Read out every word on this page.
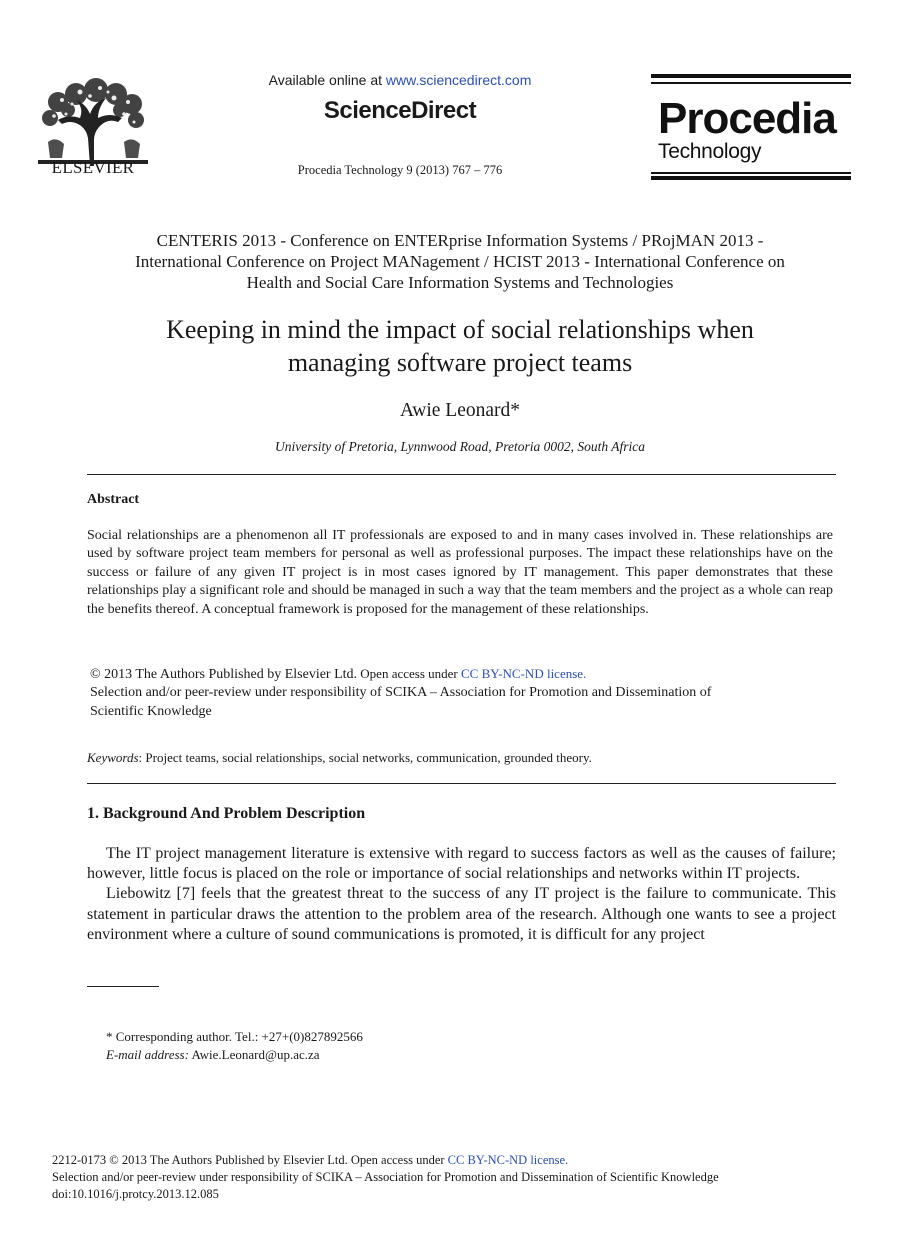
ELSEVIER
Available online at www.sciencedirect.com
ScienceDirect
Procedia Technology 9 (2013) 767 – 776
Procedia
Technology
CENTERIS 2013 - Conference on ENTERprise Information Systems / PRojMAN 2013 -
International Conference on Project MANagement / HCIST 2013 - International Conference on
Health and Social Care Information Systems and Technologies
Keeping in mind the impact of social relationships when
managing software project teams
Awie Leonard*
University of Pretoria, Lynnwood Road, Pretoria 0002, South Africa
Abstract
Social relationships are a phenomenon all IT professionals are exposed to and in many cases involved in. These relationships are used by software project team members for personal as well as professional purposes. The impact these relationships have on the success or failure of any given IT project is in most cases ignored by IT management. This paper demonstrates that these relationships play a significant role and should be managed in such a way that the team members and the project as a whole can reap the benefits thereof. A conceptual framework is proposed for the management of these relationships.
© 2013 The Authors Published by Elsevier Ltd. Open access under CC BY-NC-ND license.
Selection and/or peer-review under responsibility of SCIKA – Association for Promotion and Dissemination of
Scientific Knowledge
Keywords: Project teams, social relationships, social networks, communication, grounded theory.
1. Background And Problem Description

The IT project management literature is extensive with regard to success factors as well as the causes of failure; however, little focus is placed on the role or importance of social relationships and networks within IT projects.

Liebowitz [7] feels that the greatest threat to the success of any IT project is the failure to communicate. This statement in particular draws the attention to the problem area of the research. Although one wants to see a project environment where a culture of sound communications is promoted, it is difficult for any project

* Corresponding author. Tel.: +27+(0)827892566
E-mail address: Awie.Leonard@up.ac.za
2212-0173 © 2013 The Authors Published by Elsevier Ltd. Open access under CC BY-NC-ND license.
Selection and/or peer-review under responsibility of SCIKA – Association for Promotion and Dissemination of Scientific Knowledge
doi:10.1016/j.protcy.2013.12.085
